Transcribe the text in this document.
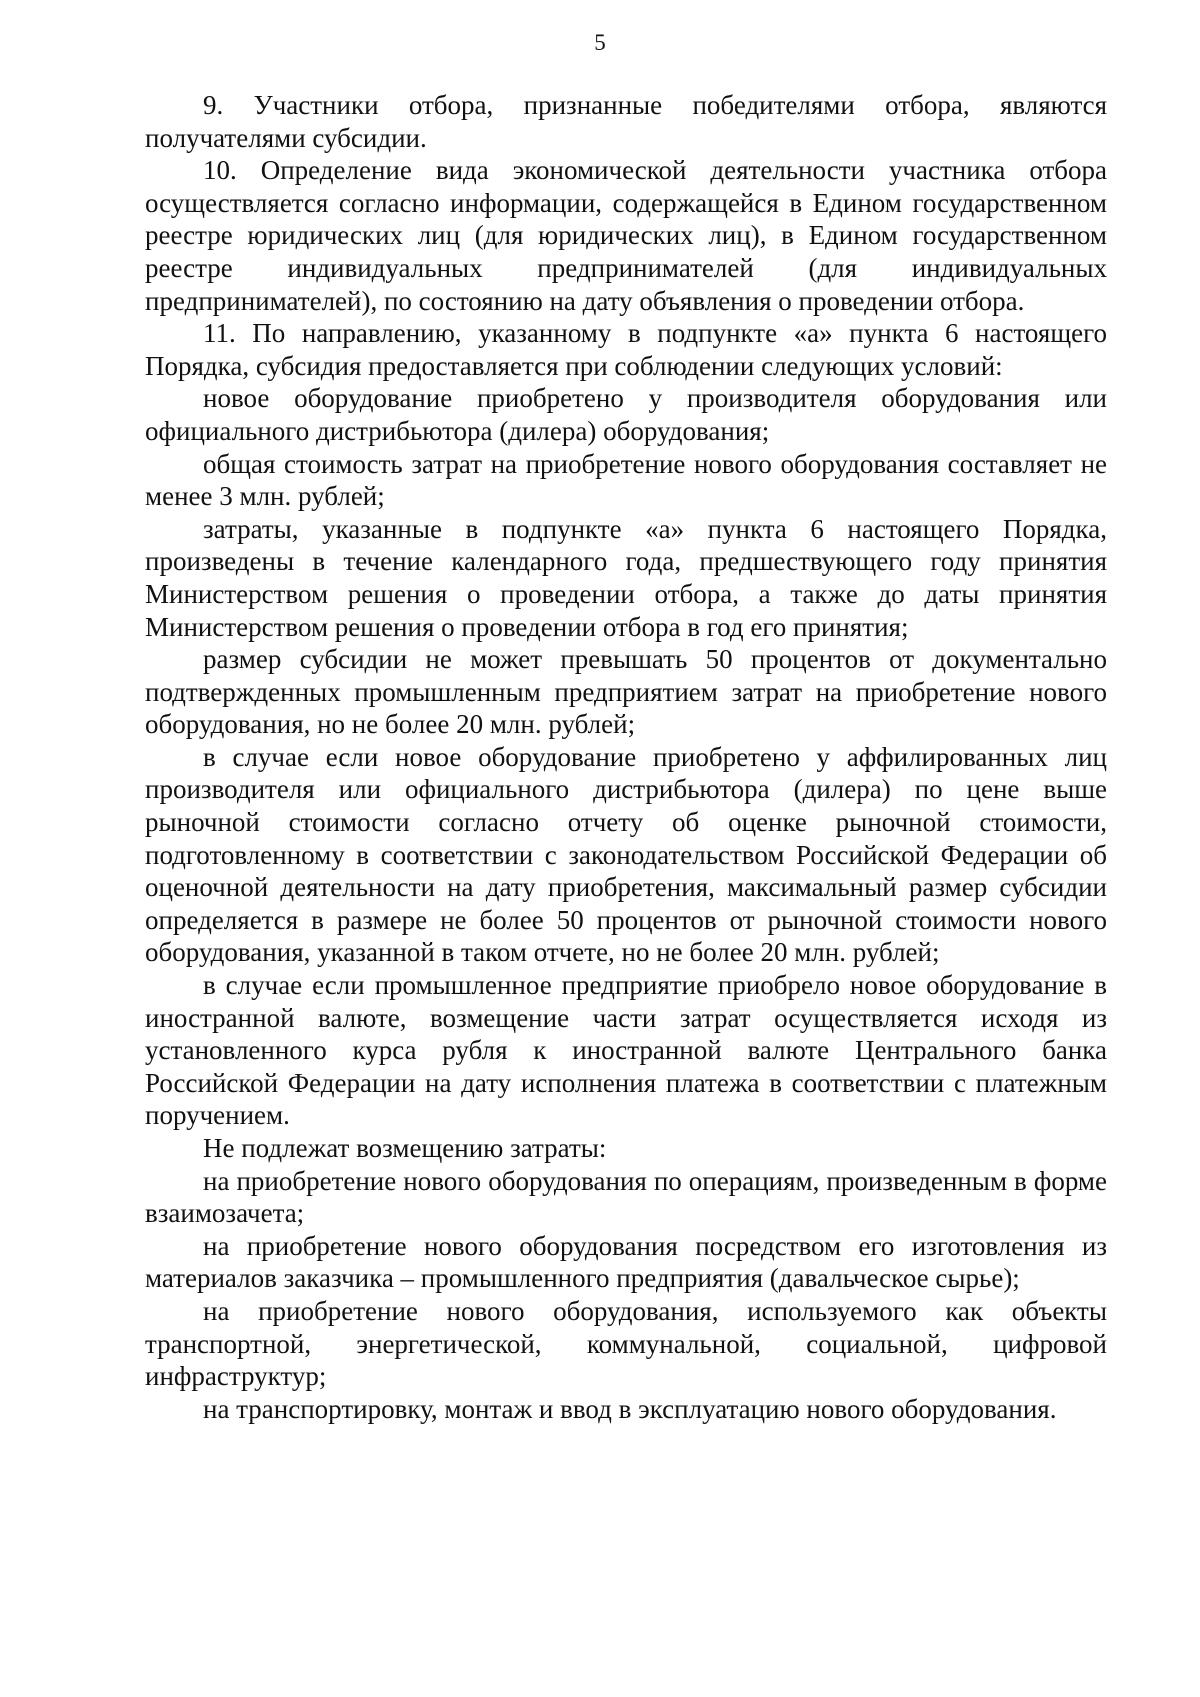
5

9. Участники отбора, признанные победителями отбора, являются получателями субсидии.

10. Определение вида экономической деятельности участника отбора осуществляется согласно информации, содержащейся в Едином государственном реестре юридических лиц (для юридических лиц), в Едином государственном реестре индивидуальных предпринимателей (для индивидуальных предпринимателей), по состоянию на дату объявления о проведении отбора.

11. По направлению, указанному в подпункте «а» пункта 6 настоящего Порядка, субсидия предоставляется при соблюдении следующих условий:

новое оборудование приобретено у производителя оборудования или официального дистрибьютора (дилера) оборудования;

общая стоимость затрат на приобретение нового оборудования составляет не менее 3 млн. рублей;

затраты, указанные в подпункте «а» пункта 6 настоящего Порядка, произведены в течение календарного года, предшествующего году принятия Министерством решения о проведении отбора, а также до даты принятия Министерством решения о проведении отбора в год его принятия;

размер субсидии не может превышать 50 процентов от документально подтвержденных промышленным предприятием затрат на приобретение нового оборудования, но не более 20 млн. рублей;

в случае если новое оборудование приобретено у аффилированных лиц производителя или официального дистрибьютора (дилера) по цене выше рыночной стоимости согласно отчету об оценке рыночной стоимости, подготовленному в соответствии с законодательством Российской Федерации об оценочной деятельности на дату приобретения, максимальный размер субсидии определяется в размере не более 50 процентов от рыночной стоимости нового оборудования, указанной в таком отчете, но не более 20 млн. рублей;

в случае если промышленное предприятие приобрело новое оборудование в иностранной валюте, возмещение части затрат осуществляется исходя из установленного курса рубля к иностранной валюте Центрального банка Российской Федерации на дату исполнения платежа в соответствии с платежным поручением.

Не подлежат возмещению затраты:

на приобретение нового оборудования по операциям, произведенным в форме взаимозачета;

на приобретение нового оборудования посредством его изготовления из материалов заказчика – промышленного предприятия (давальческое сырье);

на приобретение нового оборудования, используемого как объекты транспортной, энергетической, коммунальной, социальной, цифровой инфраструктур;

на транспортировку, монтаж и ввод в эксплуатацию нового оборудования.
